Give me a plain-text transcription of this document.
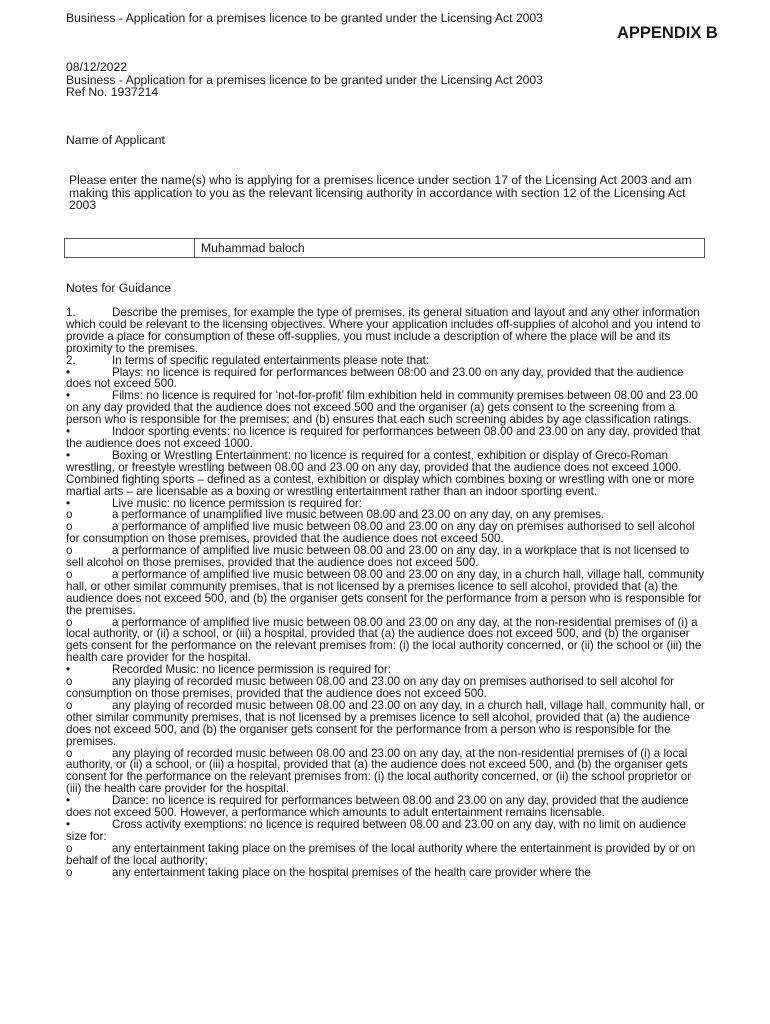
Business - Application for a premises licence to be granted under the Licensing Act 2003
APPENDIX B
08/12/2022
Business - Application for a premises licence to be granted under the Licensing Act 2003
Ref No. 1937214
Name of Applicant
Please enter the name(s) who is applying for a premises licence under section 17 of the Licensing Act 2003 and am making this application to you as the relevant licensing authority in accordance with section 12 of the Licensing Act 2003
Muhammad baloch
Notes for Guidance

1.	Describe the premises, for example the type of premises, its general situation and layout and any other information which could be relevant to the licensing objectives. Where your application includes off-supplies of alcohol and you intend to provide a place for consumption of these off-supplies, you must include a description of where the place will be and its proximity to the premises.

2.	In terms of specific regulated entertainments please note that:

•	Plays: no licence is required for performances between 08:00 and 23.00 on any day, provided that the audience does not exceed 500.

•	Films: no licence is required for ‘not-for-profit’ film exhibition held in community premises between 08.00 and 23.00 on any day provided that the audience does not exceed 500 and the organiser (a) gets consent to the screening from a person who is responsible for the premises; and (b) ensures that each such screening abides by age classification ratings.

•	Indoor sporting events: no licence is required for performances between 08.00 and 23.00 on any day, provided that the audience does not exceed 1000.

•	Boxing or Wrestling Entertainment: no licence is required for a contest, exhibition or display of Greco-Roman wrestling, or freestyle wrestling between 08.00 and 23.00 on any day, provided that the audience does not exceed 1000. Combined fighting sports – defined as a contest, exhibition or display which combines boxing or wrestling with one or more martial arts – are licensable as a boxing or wrestling entertainment rather than an indoor sporting event.

•	Live music: no licence permission is required for:

o	a performance of unamplified live music between 08.00 and 23.00 on any day, on any premises.

o	a performance of amplified live music between 08.00 and 23.00 on any day on premises authorised to sell alcohol for consumption on those premises, provided that the audience does not exceed 500.

o	a performance of amplified live music between 08.00 and 23.00 on any day, in a workplace that is not licensed to sell alcohol on those premises, provided that the audience does not exceed 500.

o	a performance of amplified live music between 08.00 and 23.00 on any day, in a church hall, village hall, community hall, or other similar community premises, that is not licensed by a premises licence to sell alcohol, provided that (a) the audience does not exceed 500, and (b) the organiser gets consent for the performance from a person who is responsible for the premises.

o	a performance of amplified live music between 08.00 and 23.00 on any day, at the non-residential premises of (i) a local authority, or (ii) a school, or (iii) a hospital, provided that (a) the audience does not exceed 500, and (b) the organiser gets consent for the performance on the relevant premises from: (i) the local authority concerned, or (ii) the school or (iii) the health care provider for the hospital.

•	Recorded Music: no licence permission is required for:

o	any playing of recorded music between 08.00 and 23.00 on any day on premises authorised to sell alcohol for consumption on those premises, provided that the audience does not exceed 500.

o	any playing of recorded music between 08.00 and 23.00 on any day, in a church hall, village hall, community hall, or other similar community premises, that is not licensed by a premises licence to sell alcohol, provided that (a) the audience does not exceed 500, and (b) the organiser gets consent for the performance from a person who is responsible for the premises.

o	any playing of recorded music between 08.00 and 23.00 on any day, at the non-residential premises of (i) a local authority, or (ii) a school, or (iii) a hospital, provided that (a) the audience does not exceed 500, and (b) the organiser gets consent for the performance on the relevant premises from: (i) the local authority concerned, or (ii) the school proprietor or (iii) the health care provider for the hospital.

•	Dance: no licence is required for performances between 08.00 and 23.00 on any day, provided that the audience does not exceed 500. However, a performance which amounts to adult entertainment remains licensable.

•	Cross activity exemptions: no licence is required between 08.00 and 23.00 on any day, with no limit on audience size for:

o	any entertainment taking place on the premises of the local authority where the entertainment is provided by or on behalf of the local authority;

o	any entertainment taking place on the hospital premises of the health care provider where the
